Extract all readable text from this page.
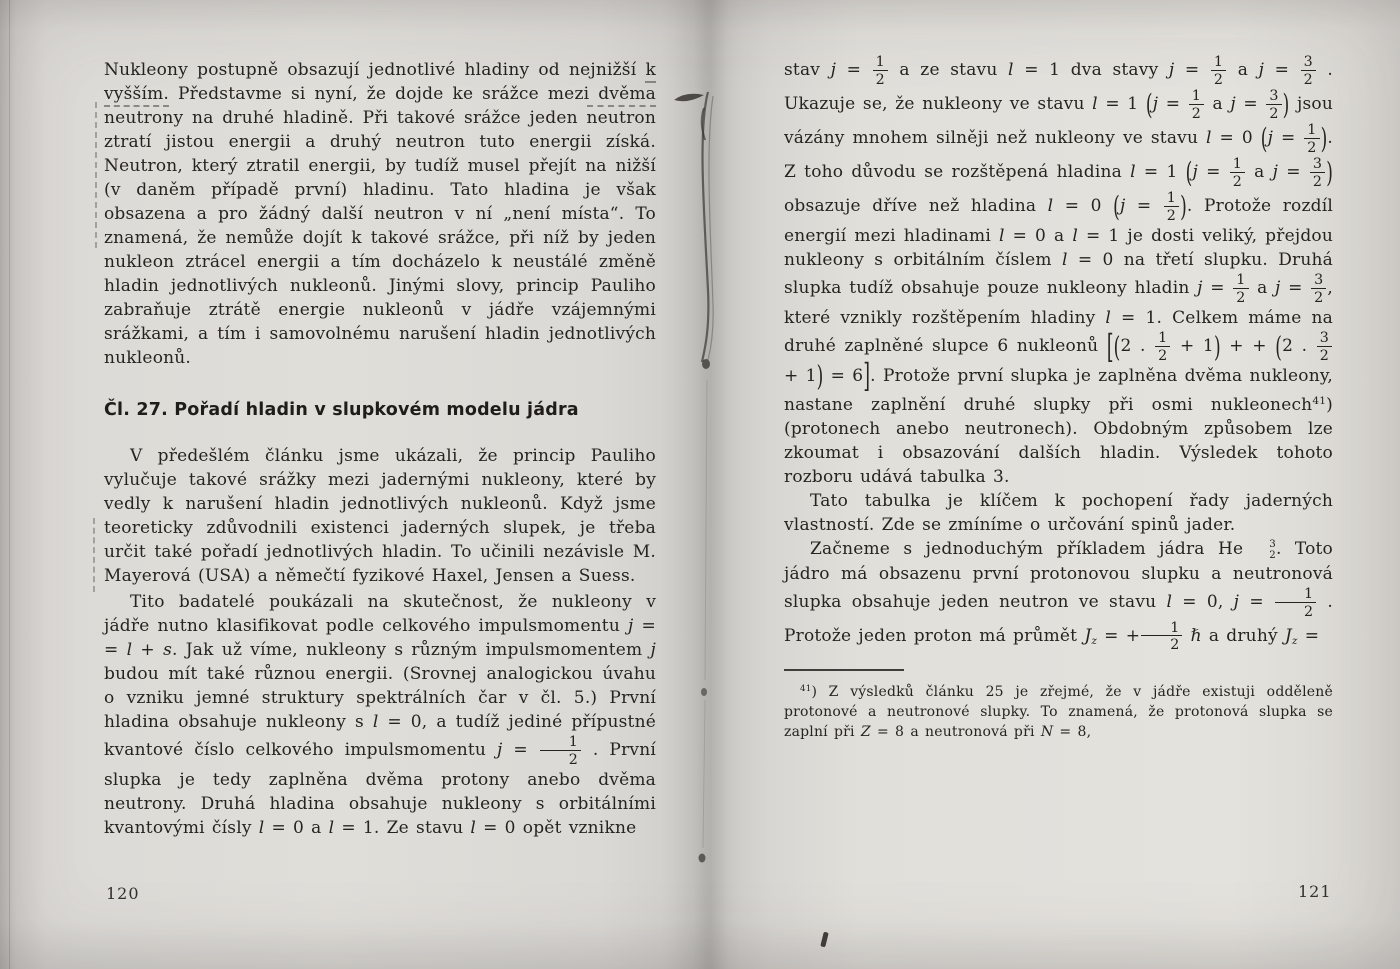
Nukleony postupně obsazují jednotlivé hladiny od nejnižší k vyšším. Představme si nyní, že dojde ke srážce mezi dvěma neutrony na druhé hladině. Při takové srážce jeden neutron ztratí jistou energii a druhý neutron tuto energii získá. Neutron, který ztratil energii, by tudíž musel přejít na nižší (v daněm případě první) hladinu. Tato hladina je však obsazena a pro žádný další neutron v ní „není místa“. To znamená, že nemůže dojít k takové srážce, při níž by jeden nukleon ztrácel energii a tím docházelo k neustálé změně hladin jednotlivých nukleonů. Jinými slovy, princip Pauliho zabraňuje ztrátě energie nukleonů v jádře vzájemnými srážkami, a tím i samovolnému narušení hladin jednotlivých nukleonů.

Čl. 27. Pořadí hladin v slupkovém modelu jádra

V předešlém článku jsme ukázali, že princip Pauliho vylučuje takové srážky mezi jadernými nukleony, které by vedly k narušení hladin jednotlivých nukleonů. Když jsme teoreticky zdůvodnili existenci jaderných slupek, je třeba určit také pořadí jednotlivých hladin. To učinili nezávisle M. Mayerová (USA) a němečtí fyzikové Haxel, Jensen a Suess.

Tito badatelé poukázali na skutečnost, že nukleony v jádře nutno klasifikovat podle celkového impulsmomentu j = = l + s. Jak už víme, nukleony s různým impulsmomentem j budou mít také různou energii. (Srovnej analogickou úvahu o vzniku jemné struktury spektrálních čar v čl. 5.) První hladina obsahuje nukleony s l = 0, a tudíž jediné přípustné kvantové číslo celkového impulsmomentu $j = \frac{1}{2}$ . První slupka je tedy zaplněna dvěma protony anebo dvěma neutrony. Druhá hladina obsahuje nukleony s orbitálními kvantovými čísly l = 0 a l = 1. Ze stavu l = 0 opět vznikne

stav $j = \frac{1}{2}$ a ze stavu l = 1 dva stavy $j = \frac{1}{2}$ a $j = \frac{3}{2}$ . Ukazuje se, že nukleony ve stavu l = 1 ($j = \frac{1}{2}$ a $j = \frac{3}{2}$ ) jsou vázány mnohem silněji než nukleony ve stavu l = 0 ($j = \frac{1}{2}$ ). Z toho důvodu se rozštěpená hladina l = 1 ($j = \frac{1}{2}$ a $j = \frac{3}{2}$ ) obsazuje dříve než hladina l = 0 ($j = \frac{1}{2}$ ). Protože rozdíl energií mezi hladinami l = 0 a l = 1 je dosti veliký, přejdou nukleony s orbitálním číslem l = 0 na třetí slupku. Druhá slupka tudíž obsahuje pouze nukleony hladin $j = \frac{1}{2}$ a $j = \frac{3}{2}$ , které vznikly rozštěpením hladiny l = 1. Celkem máme na druhé zaplněné slupce 6 nukleonů [(2 . $\frac{1}{2} + 1$) + + (2 . $\frac{3}{2}$
+ 1) = 6]. Protože první slupka je zaplněna dvěma nukleony, nastane zaplnění druhé slupky při osmi nukleonech$^{41}$) (protonech anebo neutronech). Obdobným způsobem lze zkoumat i obsazování dalších hladin. Výsledek tohoto rozboru udává tabulka 3.

Tato tabulka je klíčem k pochopení řady jaderných vlastností. Zde se zmíníme o určování spinů jader.

Začneme s jednoduchým příkladem jádra He	3
2 . Toto jádro má obsazenu první protonovou slupku a neutronová slupka obsahuje jeden neutron ve stavu l = 0, $j = \frac{1}{2}$ . Protože jeden proton má průmět $J_z$ = + $\frac{1}{2}$ ℏ a druhý $J_z$ =

$^{41}$) Z výsledků článku 25 je zřejmé, že v jádře existuji odděleně protonové a neutronové slupky. To znamená, že protonová slupka se zaplní při Z = 8 a neutronová při N = 8,

120	121
